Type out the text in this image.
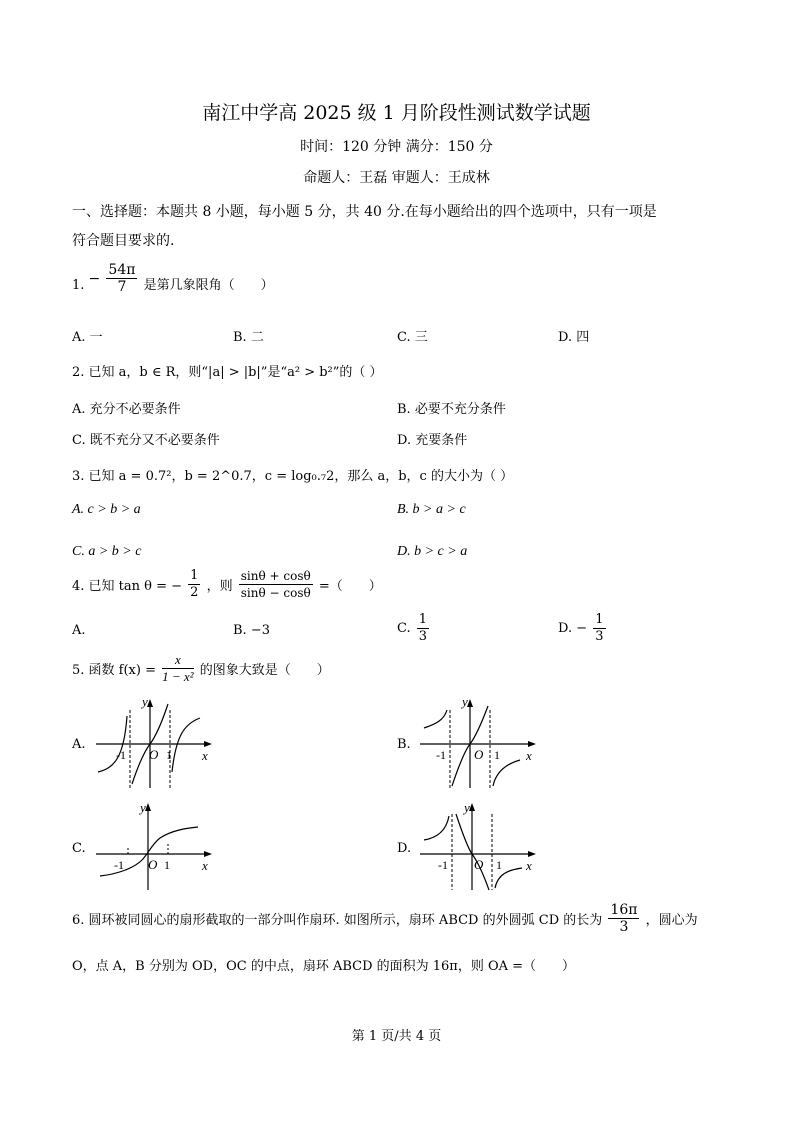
南江中学高 2025 级 1 月阶段性测试数学试题
时间：120 分钟 满分：150 分
命题人：王磊 审题人：王成林
一、选择题：本题共 8 小题，每小题 5 分，共 40 分.在每小题给出的四个选项中，只有一项是
符合题目要求的.
1. − $\frac{54\pi}{7}$ 是第几象限角（　　）
A. 一	B. 二	C. 三	D. 四
2. 已知 a，b ∈ R，则“|a| > |b|”是“a² > b²”的（ ）
A. 充分不必要条件	B. 必要不充分条件
C. 既不充分又不必要条件	D. 充要条件
3. 已知 a = 0.7²，b = 2^0.7，c = log₀.₇2，那么 a，b，c 的大小为（ ）
A. c > b > a	B. b > a > c
C. a > b > c	D. b > c > a
4. 已知 tan θ = − $\frac{1}{2}$ ，则 $\frac{\sin\theta + \cos\theta}{\sin\theta - \cos\theta}$ =（　　）
A.	B. −3	C. $\frac{1}{3}$	D. − $\frac{1}{3}$
5. 函数 $f(x) = \frac{x}{\text{1 − x²}}$ 的图象大致是（　　）
A.	B.
C.	D.
y
x
O
-1	1
y
x
O
-1	1
y
x
O
-1	1
y
x
O
-1	1
6. 圆环被同圆心的扇形截取的一部分叫作扇环. 如图所示，扇环 ABCD 的外圆弧 CD 的长为 $\frac{16\pi}{3}$ ，圆心为
O，点 A，B 分别为 OD，OC 的中点，扇环 ABCD 的面积为 16π，则 OA =（　　）
第 1 页/共 4 页
